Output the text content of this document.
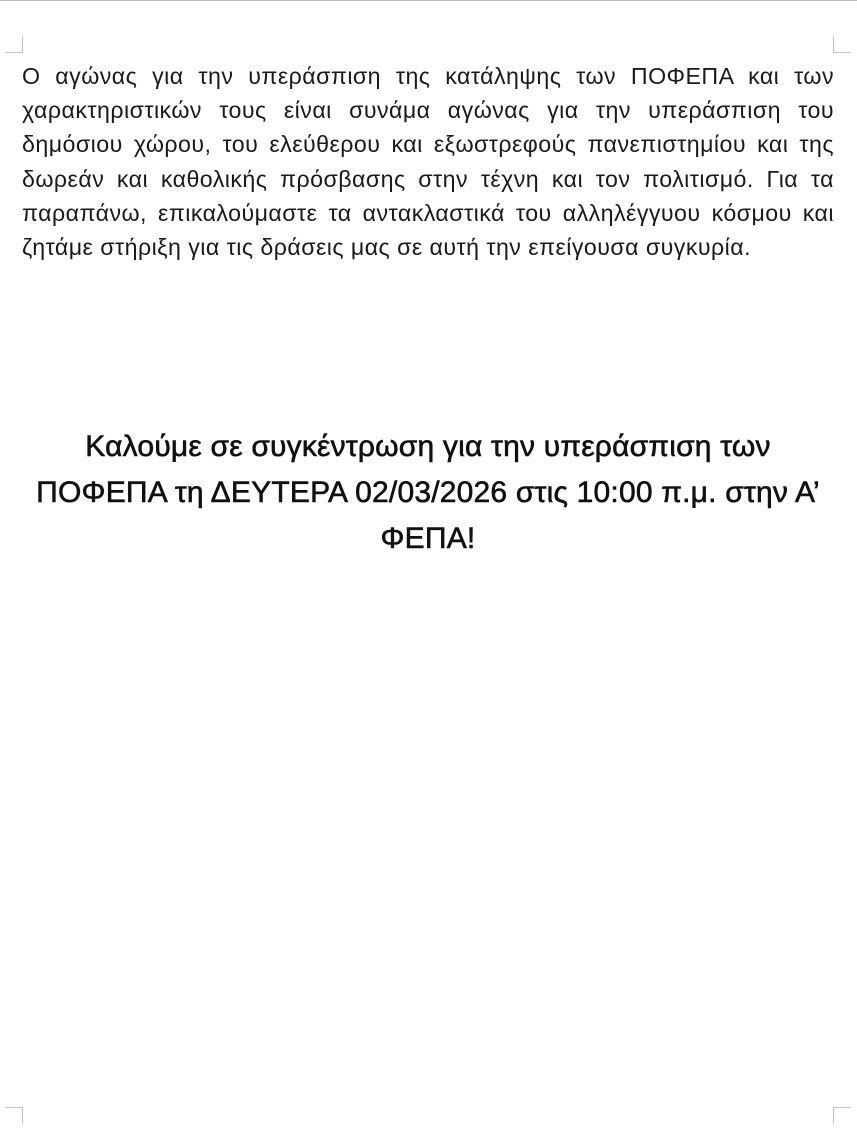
Ο αγώνας για την υπεράσπιση της κατάληψης των ΠΟΦΕΠΑ και των χαρακτηριστικών τους είναι συνάμα αγώνας για την υπεράσπιση του δημόσιου χώρου, του ελεύθερου και εξωστρεφούς πανεπιστημίου και της δωρεάν και καθολικής πρόσβασης στην τέχνη και τον πολιτισμό. Για τα παραπάνω, επικαλούμαστε τα αντακλαστικά του αλληλέγγυου κόσμου και ζητάμε στήριξη για τις δράσεις μας σε αυτή την επείγουσα συγκυρία.

Καλούμε σε συγκέντρωση για την υπεράσπιση των ΠΟΦΕΠΑ τη ΔΕΥΤΕΡΑ 02/03/2026 στις 10:00 π.μ. στην Α’ ΦΕΠΑ!
